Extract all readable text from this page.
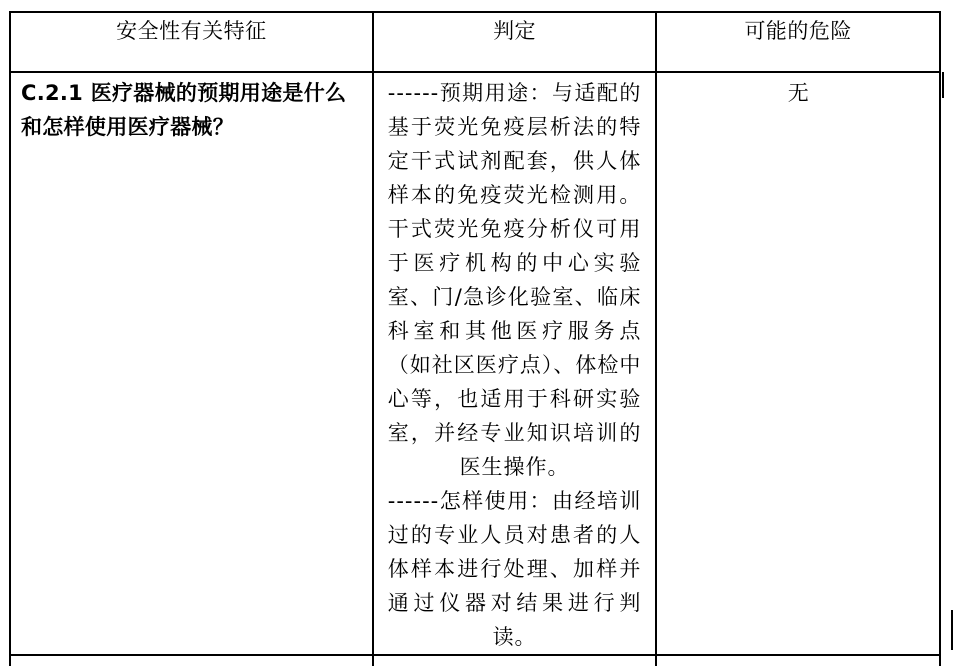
安全性有关特征	判定	可能的危险

C.2.1 医疗器械的预期用途是什么和怎样使用医疗器械？	------预期用途：与适配的基于荧光免疫层析法的特定干式试剂配套，供人体样本的免疫荧光检测用。干式荧光免疫分析仪可用于医疗机构的中心实验室、门/急诊化验室、临床科室和其他医疗服务点（如社区医疗点）、体检中心等，也适用于科研实验室，并经专业知识培训的医生操作。
------怎样使用：由经培训过的专业人员对患者的人体样本进行处理、加样并通过仪器对结果进行判读。	无
